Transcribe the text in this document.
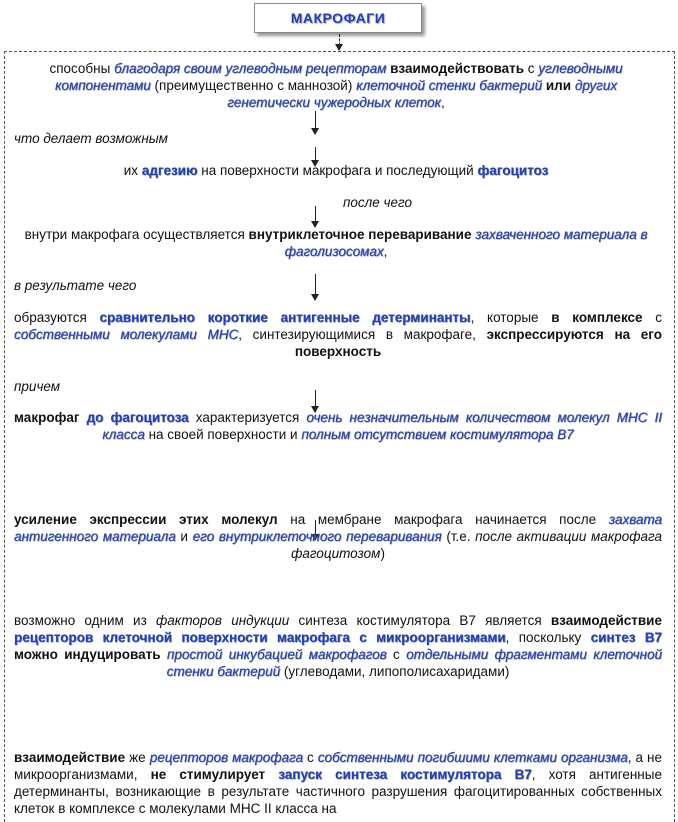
МАКРОФАГИ

способны благодаря своим углеводным рецепторам взаимодействовать с углеводными компонентами (преимущественно с маннозой) клеточной стенки бактерий или других генетически чужеродных клеток,

что делает возможным

их адгезию на поверхности макрофага и последующий фагоцитоз

после чего

внутри макрофага осуществляется внутриклеточное переваривание захваченного материала в фаголизосомах,

в результате чего

образуются сравнительно короткие антигенные детерминанты, которые в комплексе с собственными молекулами МНС, синтезирующимися в макрофаге, экспрессируются на его поверхность

причем

макрофаг до фагоцитоза характеризуется очень незначительным количеством молекул МНС II класса на своей поверхности и полным отсутствием костимулятора В7

усиление экспрессии этих молекул на мембране макрофага начинается после захвата антигенного материала и его внутриклеточного переваривания (т.е. после активации макрофага фагоцитозом)

возможно одним из факторов индукции синтеза костимулятора В7 является взаимодействие рецепторов клеточной поверхности макрофага с микроорганизмами, поскольку синтез В7 можно индуцировать простой инкубацией макрофагов с отдельными фрагментами клеточной стенки бактерий (углеводами, липополисахаридами)

взаимодействие же рецепторов макрофага с собственными погибшими клетками организма, а не микроорганизмами, не стимулирует запуск синтеза костимулятора В7, хотя антигенные детерминанты, возникающие в результате частичного разрушения фагоцитированных собственных клеток в комплексе с молекулами МНС II класса на
